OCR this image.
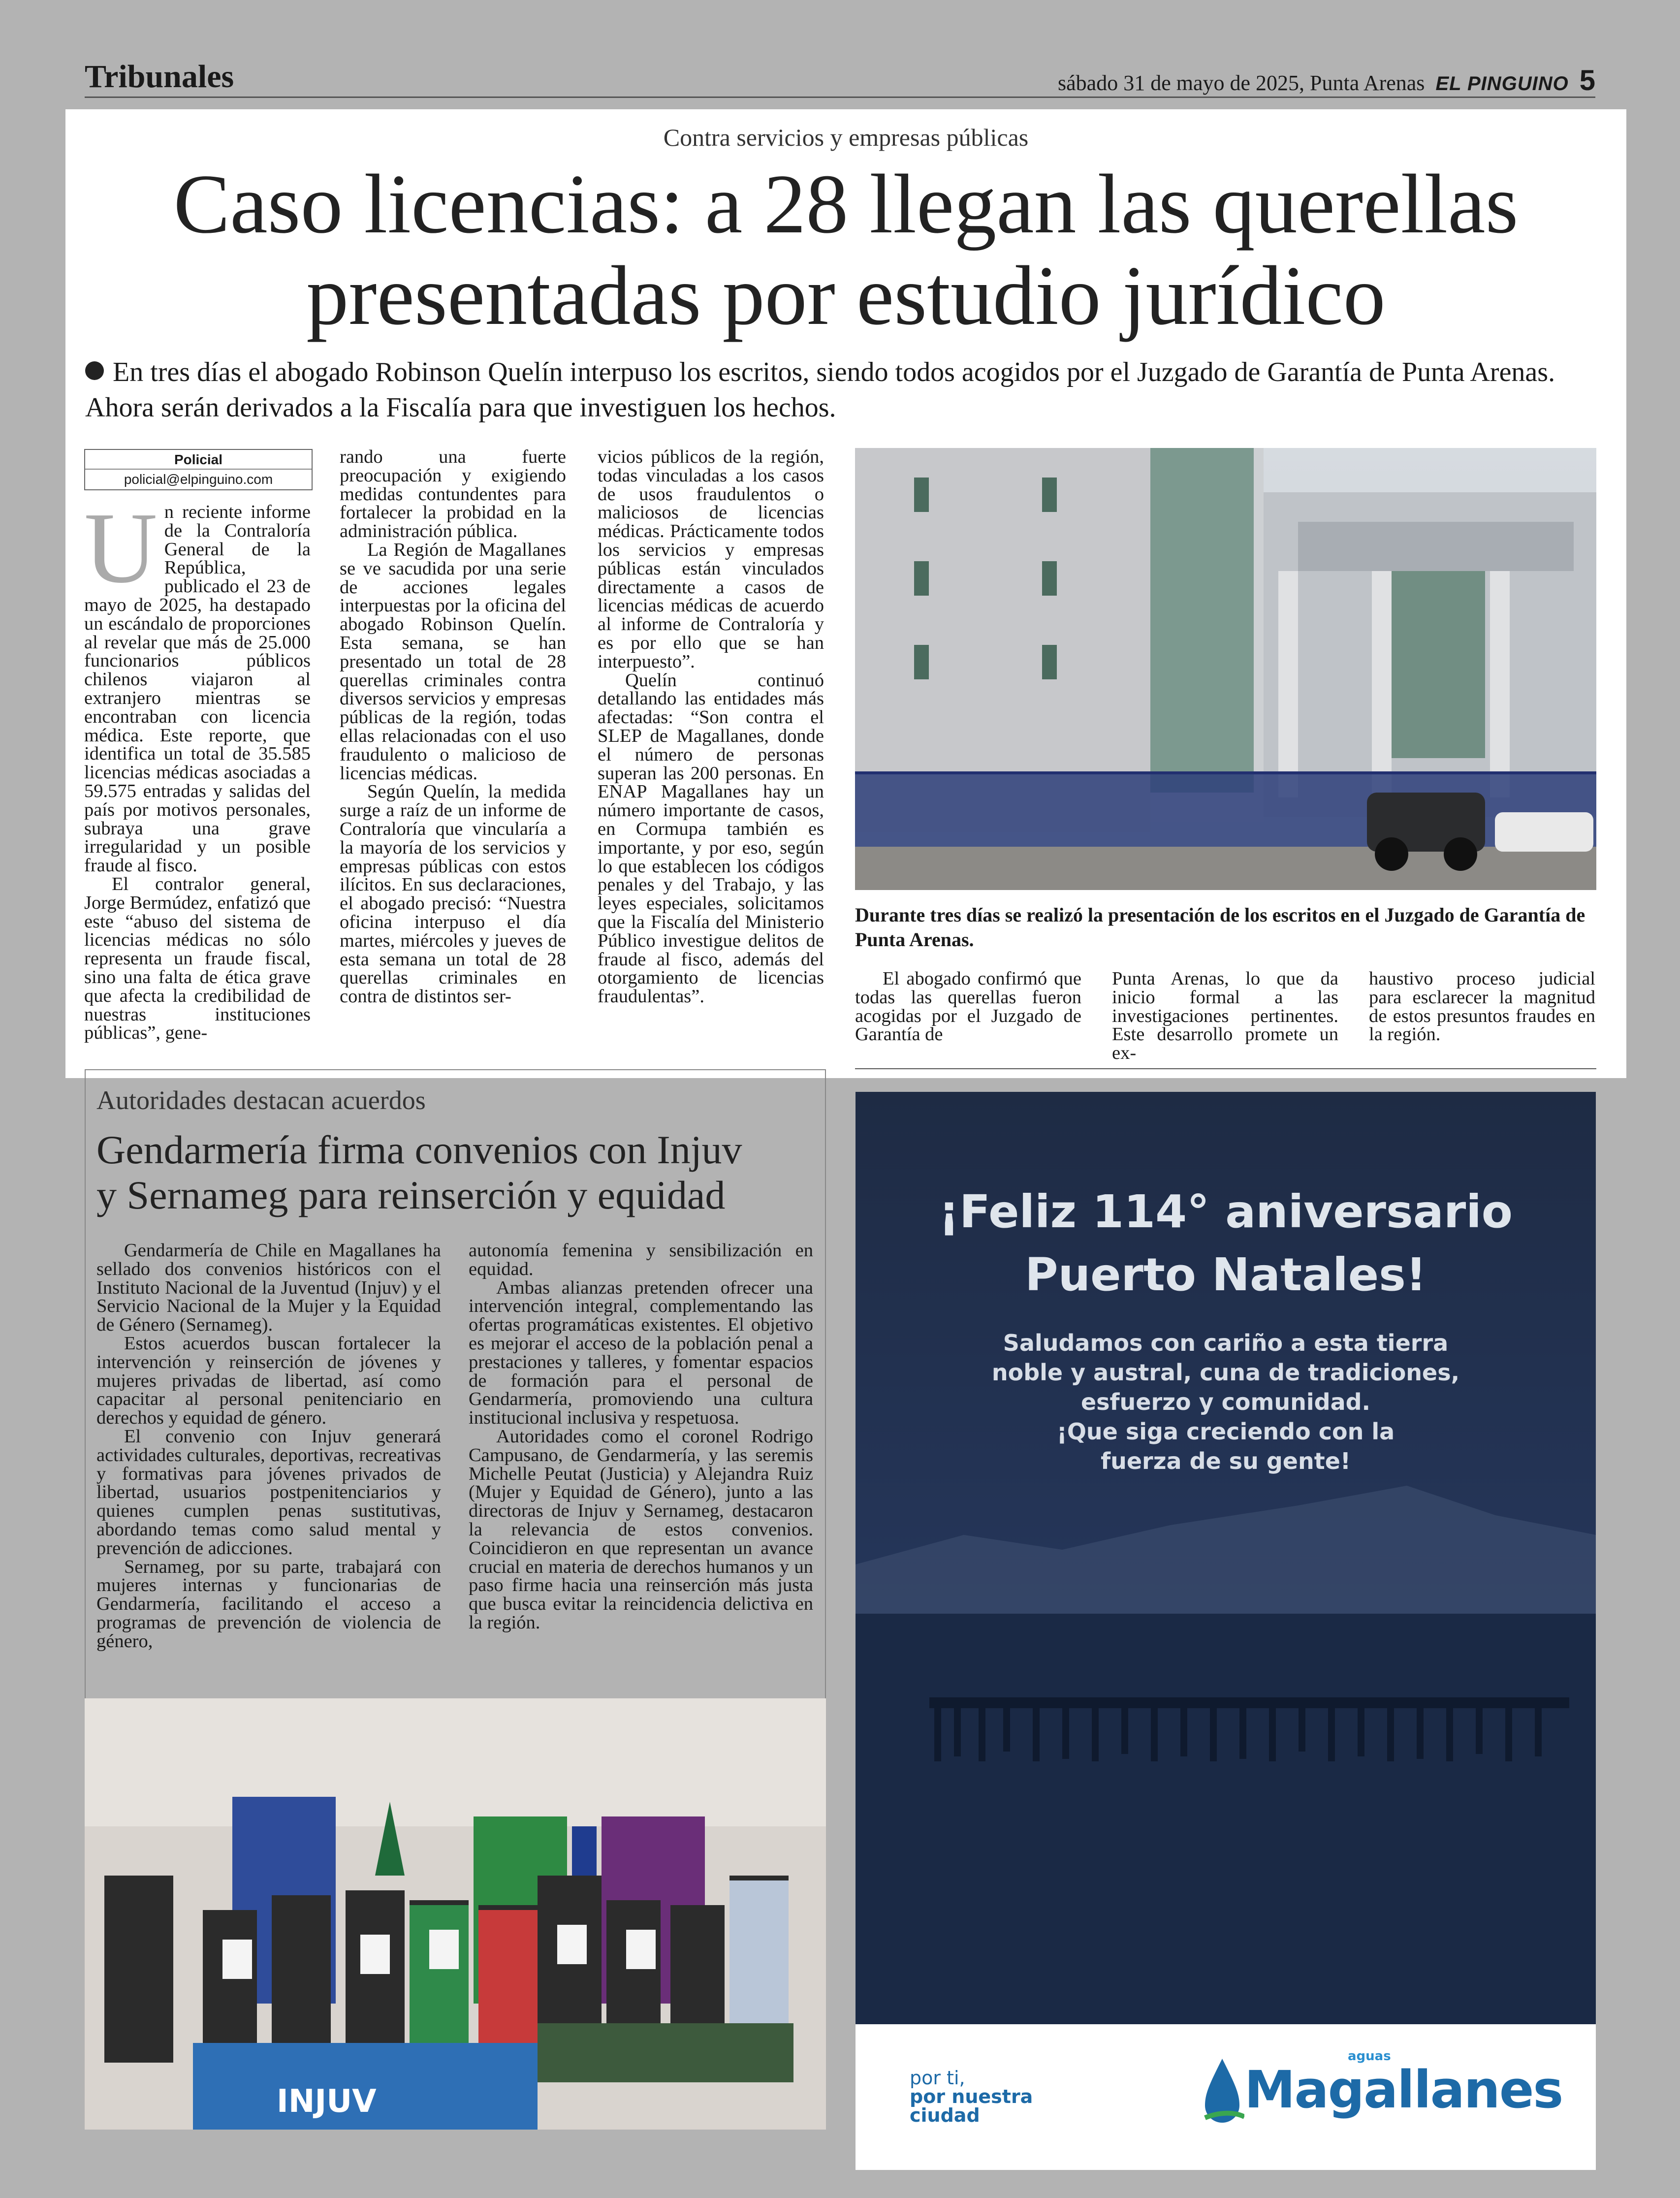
Tribunales	sábado 31 de mayo de 2025, Punta Arenas EL PINGUINO 5
Contra servicios y empresas públicas
Caso licencias: a 28 llegan las querellas
presentadas por estudio jurídico
En tres días el abogado Robinson Quelín interpuso los escritos, siendo todos acogidos por el Juzgado de Garantía de Punta Arenas. Ahora serán derivados a la Fiscalía para que investiguen los hechos.
Policial
policial@elpinguino.com

Un reciente informe de la Contraloría General de la República, publicado el 23 de mayo de 2025, ha destapado un escándalo de proporciones al revelar que más de 25.000 funcionarios públicos chilenos viajaron al extranjero mientras se encontraban con licencia médica. Este reporte, que identifica un total de 35.585 licencias médicas asociadas a 59.575 entradas y salidas del país por motivos personales, subraya una grave irregularidad y un posible fraude al fisco.

El contralor general, Jorge Bermúdez, enfatizó que este “abuso del sistema de licencias médicas no sólo representa un fraude fiscal, sino una falta de ética grave que afecta la credibilidad de nuestras instituciones públicas”, gene-

rando una fuerte preocupación y exigiendo medidas contundentes para fortalecer la probidad en la administración pública.

La Región de Magallanes se ve sacudida por una serie de acciones legales interpuestas por la oficina del abogado Robinson Quelín. Esta semana, se han presentado un total de 28 querellas criminales contra diversos servicios y empresas públicas de la región, todas ellas relacionadas con el uso fraudulento o malicioso de licencias médicas.

Según Quelín, la medida surge a raíz de un informe de Contraloría que vincularía a la mayoría de los servicios y empresas públicas con estos ilícitos. En sus declaraciones, el abogado precisó: “Nuestra oficina interpuso el día martes, miércoles y jueves de esta semana un total de 28 querellas criminales en contra de distintos ser-

vicios públicos de la región, todas vinculadas a los casos de usos fraudulentos o maliciosos de licencias médicas. Prácticamente todos los servicios y empresas públicas están vinculados directamente a casos de licencias médicas de acuerdo al informe de Contraloría y es por ello que se han interpuesto”.

Quelín continuó detallando las entidades más afectadas: “Son contra el SLEP de Magallanes, donde el número de personas superan las 200 personas. En ENAP Magallanes hay un número importante de casos, en Cormupa también es importante, y por eso, según lo que establecen los códigos penales y del Trabajo, y las leyes especiales, solicitamos que la Fiscalía del Ministerio Público investigue delitos de fraude al fisco, además del otorgamiento de licencias fraudulentas”.

Durante tres días se realizó la presentación de los escritos en el Juzgado de Garantía de Punta Arenas.

El abogado confirmó que todas las querellas fueron acogidas por el Juzgado de Garantía de

Punta Arenas, lo que da inicio formal a las investigaciones pertinentes. Este desarrollo promete un ex-

haustivo proceso judicial para esclarecer la magnitud de estos presuntos fraudes en la región.

Autoridades destacan acuerdos
Gendarmería firma convenios con Injuv
y Sernameg para reinserción y equidad

Gendarmería de Chile en Magallanes ha sellado dos convenios históricos con el Instituto Nacional de la Juventud (Injuv) y el Servicio Nacional de la Mujer y la Equidad de Género (Sernameg).

Estos acuerdos buscan fortalecer la intervención y reinserción de jóvenes y mujeres privadas de libertad, así como capacitar al personal penitenciario en derechos y equidad de género.

El convenio con Injuv generará actividades culturales, deportivas, recreativas y formativas para jóvenes privados de libertad, usuarios postpenitenciarios y quienes cumplen penas sustitutivas, abordando temas como salud mental y prevención de adicciones.

Sernameg, por su parte, trabajará con mujeres internas y funcionarias de Gendarmería, facilitando el acceso a programas de prevención de violencia de género,

autonomía femenina y sensibilización en equidad.

Ambas alianzas pretenden ofrecer una intervención integral, complementando las ofertas programáticas existentes. El objetivo es mejorar el acceso de la población penal a prestaciones y talleres, y fomentar espacios de formación para el personal de Gendarmería, promoviendo una cultura institucional inclusiva y respetuosa.

Autoridades como el coronel Rodrigo Campusano, de Gendarmería, y las seremis Michelle Peutat (Justicia) y Alejandra Ruiz (Mujer y Equidad de Género), junto a las directoras de Injuv y Sernameg, destacaron la relevancia de estos convenios. Coincidieron en que representan un avance crucial en materia de derechos humanos y un paso firme hacia una reinserción más justa que busca evitar la reincidencia delictiva en la región.

INJUV
¡Feliz 114° aniversario
Puerto Natales!
Saludamos con cariño a esta tierra
noble y austral, cuna de tradiciones,
esfuerzo y comunidad.
¡Que siga creciendo con la
fuerza de su gente!
por ti,
por nuestra
ciudad
aguas
Magallanes
